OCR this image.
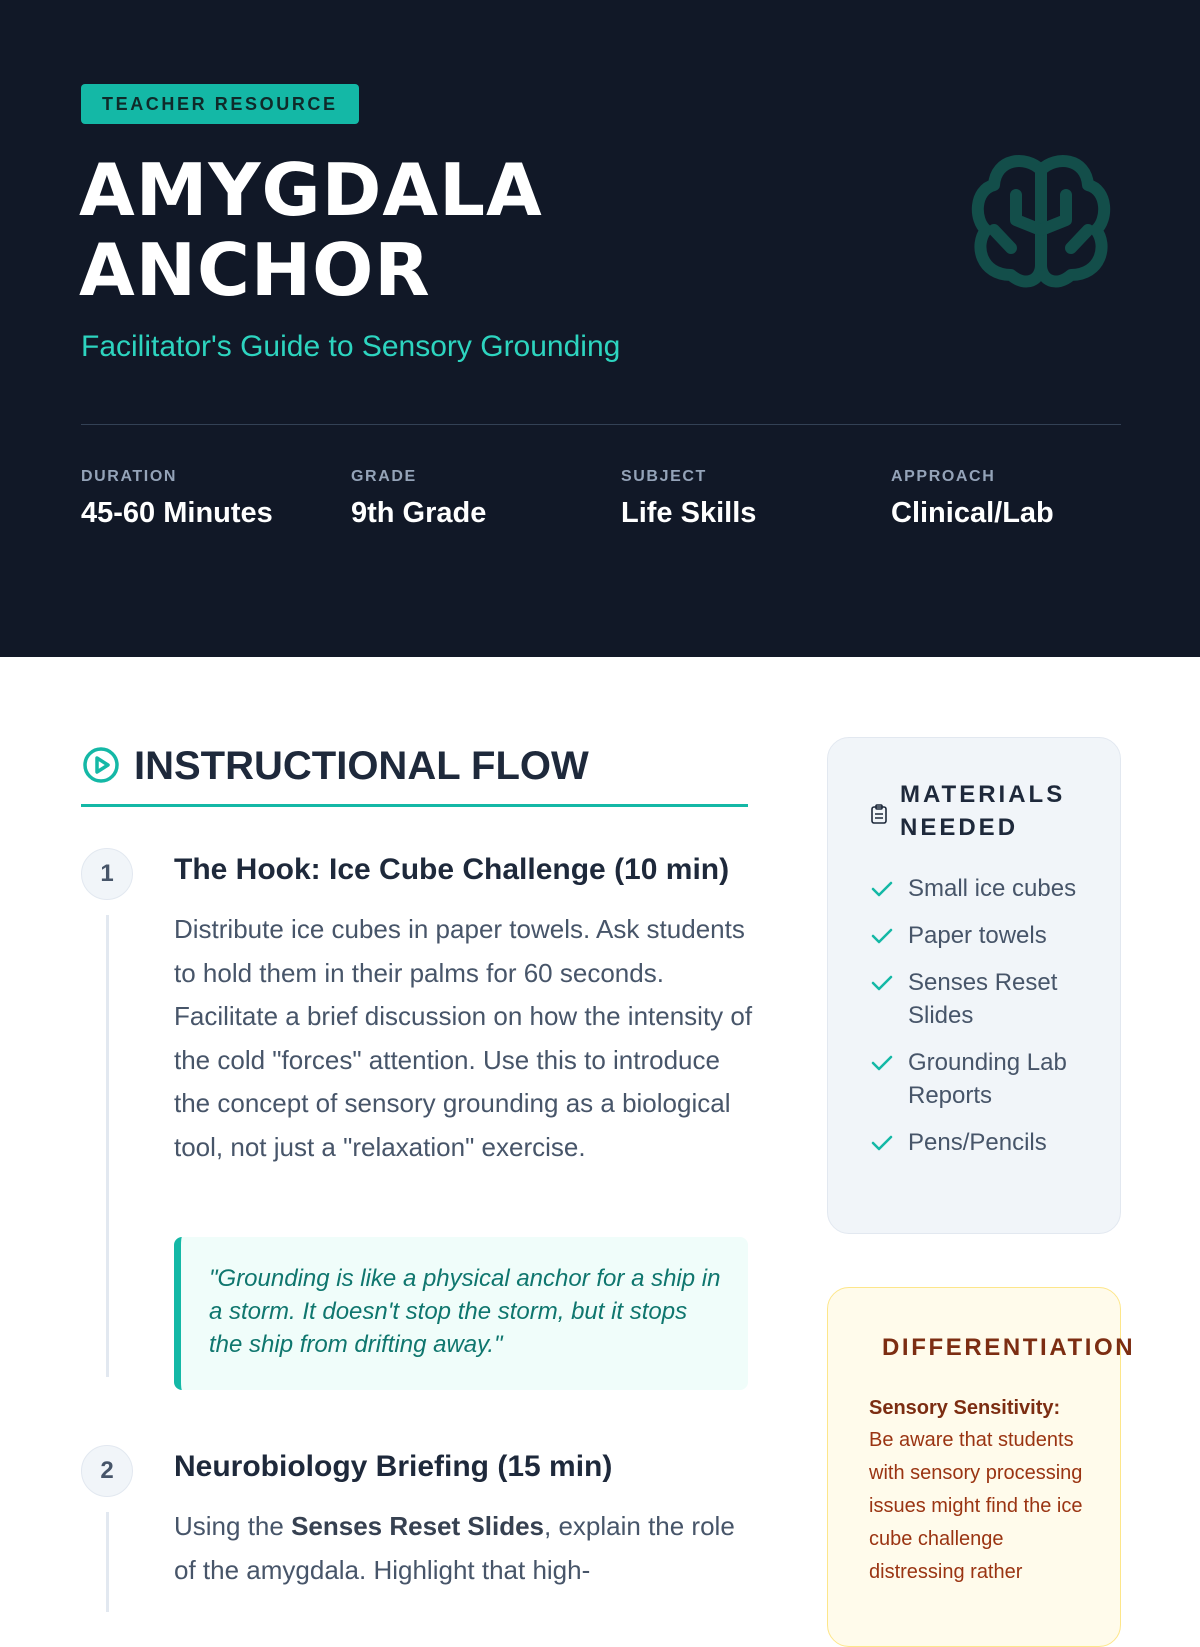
TEACHER RESOURCE
AMYGDALA
ANCHOR
Facilitator's Guide to Sensory Grounding
DURATION
45-60 Minutes
GRADE
9th Grade
SUBJECT
Life Skills
APPROACH
Clinical/Lab
INSTRUCTIONAL FLOW
1	The Hook: Ice Cube Challenge (10 min)
Distribute ice cubes in paper towels. Ask students to hold them in their palms for 60 seconds. Facilitate a brief discussion on how the intensity of the cold "forces" attention. Use this to introduce the concept of sensory grounding as a biological tool, not just a "relaxation" exercise.
"Grounding is like a physical anchor for a ship in a storm. It doesn't stop the storm, but it stops the ship from drifting away."
2	Neurobiology Briefing (15 min)
Using the Senses Reset Slides, explain the role of the amygdala. Highlight that high-
MATERIALS
NEEDED
Small ice cubes
Paper towels
Senses Reset Slides
Grounding Lab Reports
Pens/Pencils
DIFFERENTIATION
Sensory Sensitivity:
Be aware that students with sensory processing issues might find the ice cube challenge distressing rather
